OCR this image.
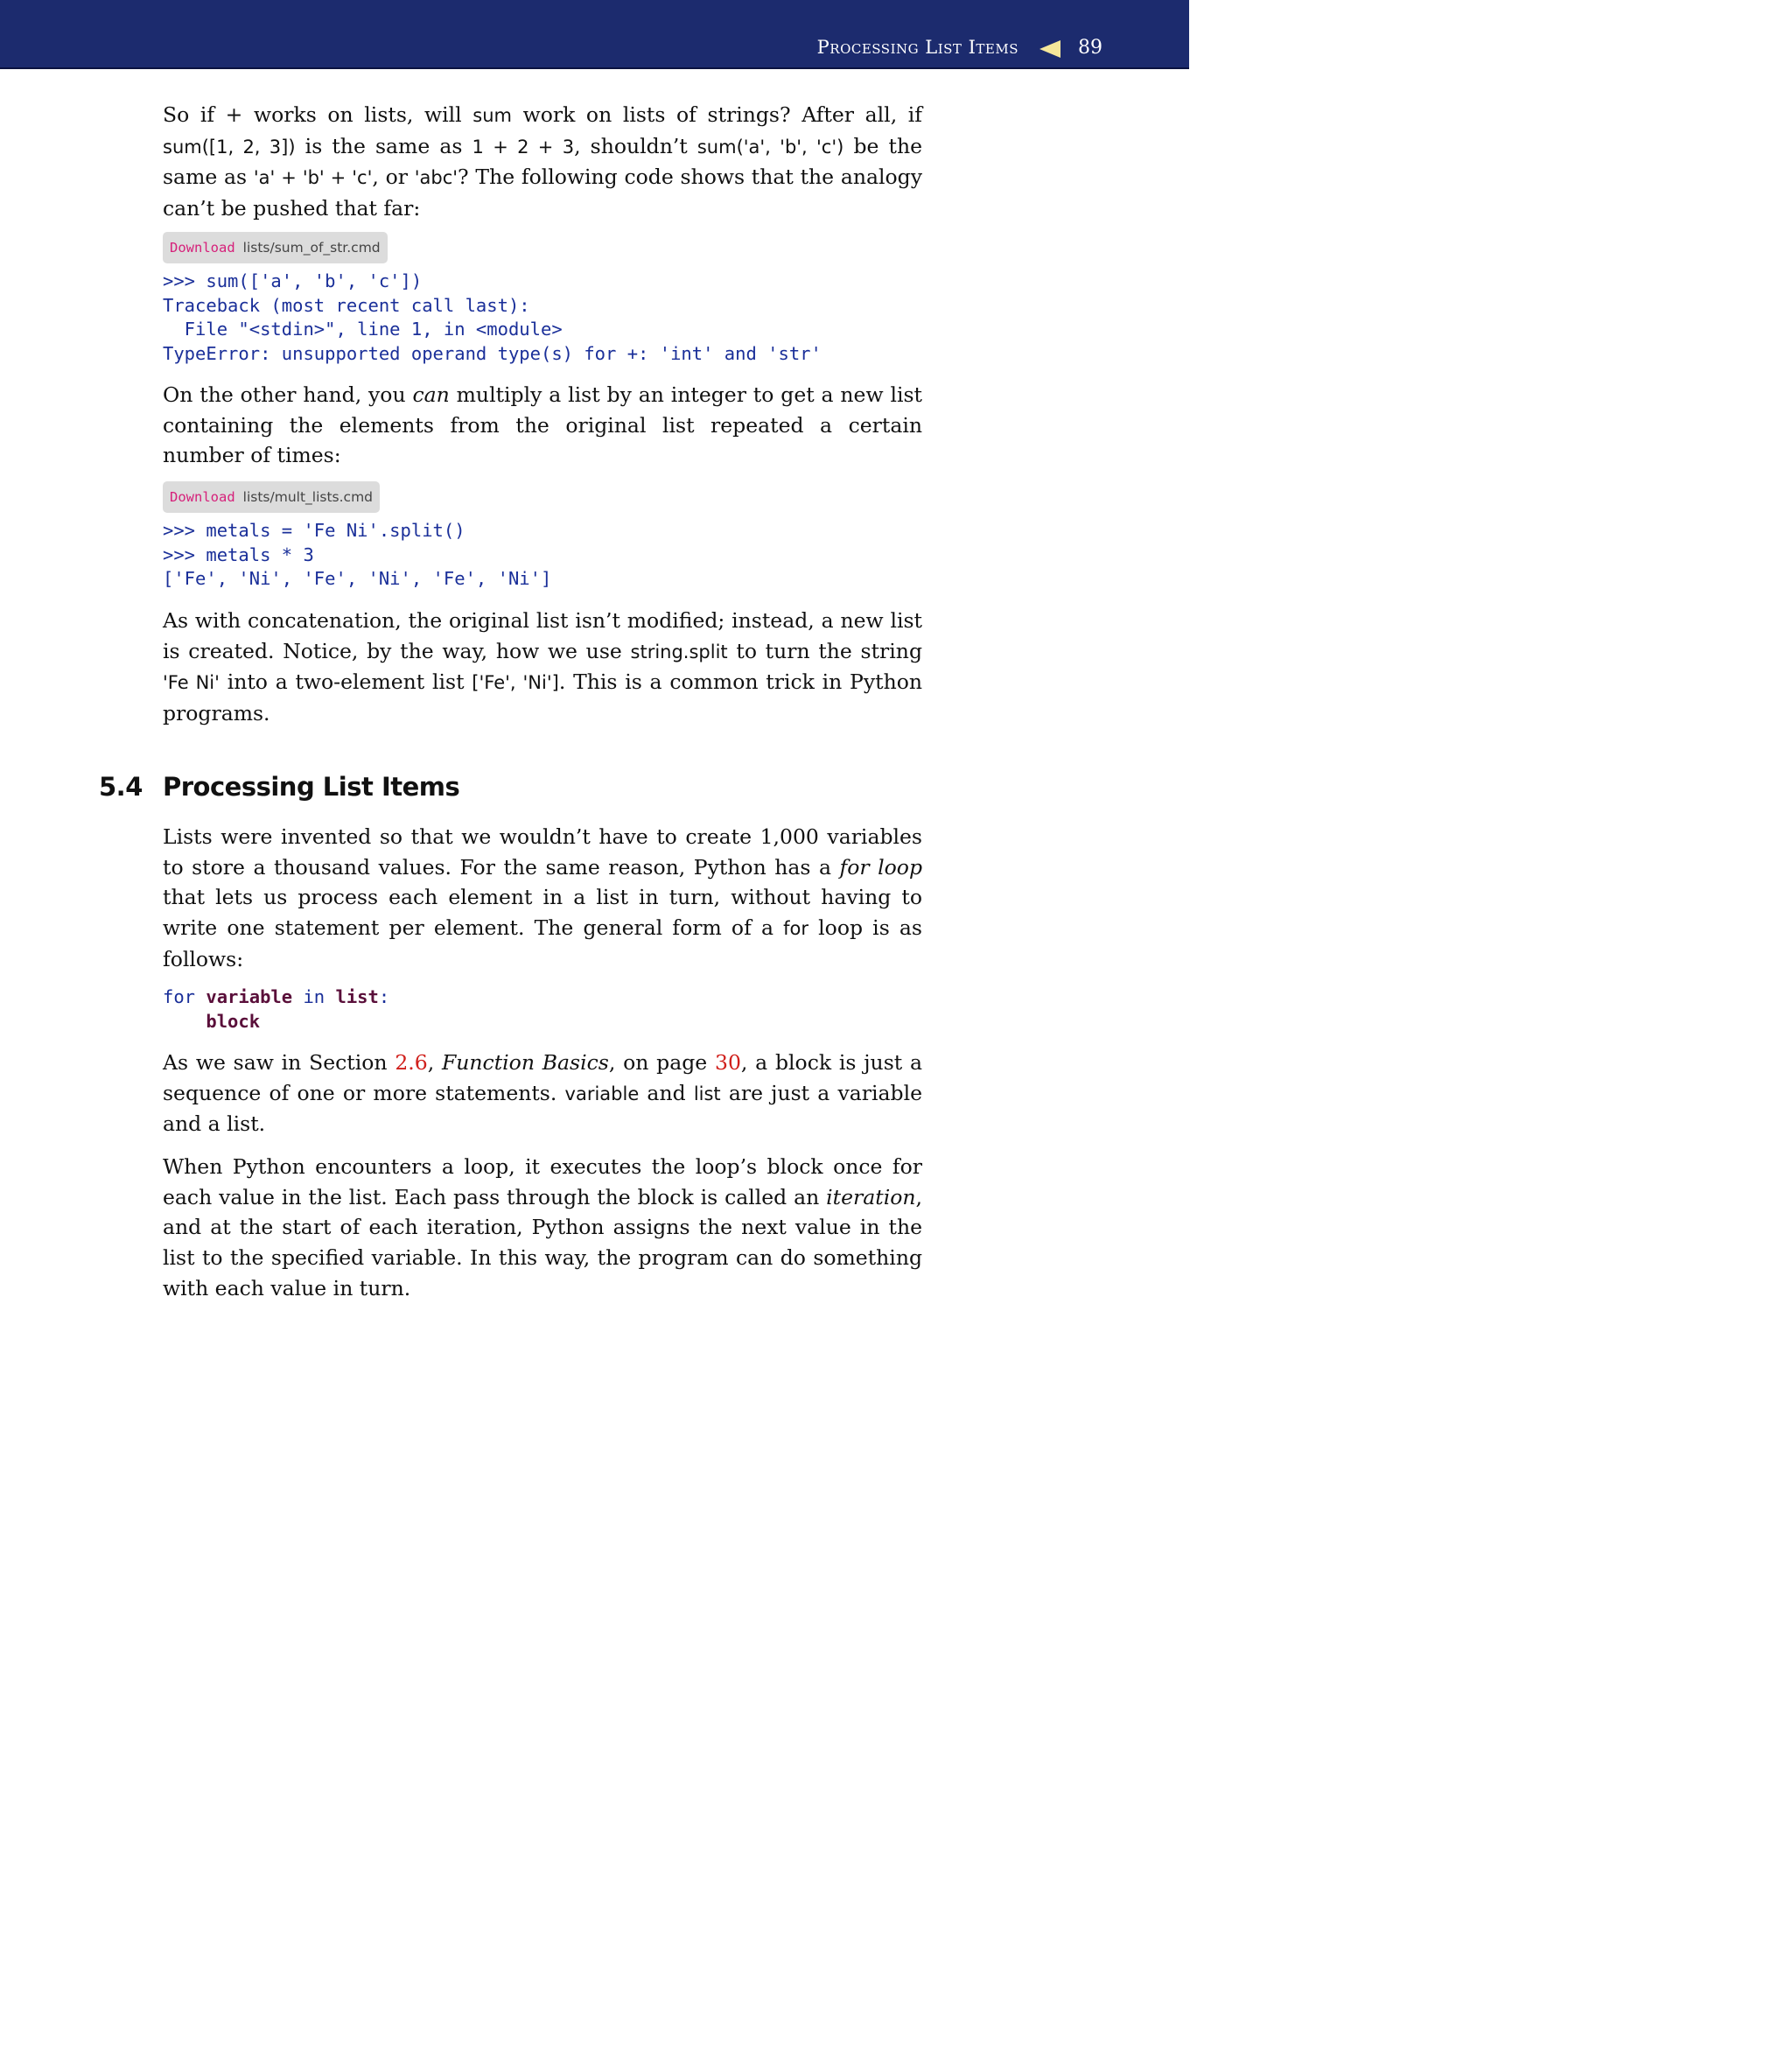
Processing List Items	89

So if + works on lists, will sum work on lists of strings? After all, if sum([1, 2, 3]) is the same as 1 + 2 + 3, shouldn’t sum('a', 'b', 'c') be the same as 'a' + 'b' + 'c', or 'abc'? The following code shows that the analogy can’t be pushed that far:

Download lists/sum_of_str.cmd
>>> sum(['a', 'b', 'c'])
Traceback (most recent call last):
File "<stdin>", line 1, in <module>
TypeError: unsupported operand type(s) for +: 'int' and 'str'

On the other hand, you can multiply a list by an integer to get a new list containing the elements from the original list repeated a certain number of times:

Download lists/mult_lists.cmd
>>> metals = 'Fe Ni'.split()
>>> metals * 3
['Fe', 'Ni', 'Fe', 'Ni', 'Fe', 'Ni']

As with concatenation, the original list isn’t modified; instead, a new list is created. Notice, by the way, how we use string.split to turn the string 'Fe Ni' into a two-element list ['Fe', 'Ni']. This is a common trick in Python programs.

5.4 Processing List Items

Lists were invented so that we wouldn’t have to create 1,000 variables to store a thousand values. For the same reason, Python has a for loop that lets us process each element in a list in turn, without having to write one statement per element. The general form of a for loop is as follows:

for variable in list:
block

As we saw in Section 2.6, Function Basics, on page 30, a block is just a sequence of one or more statements. variable and list are just a variable and a list.

When Python encounters a loop, it executes the loop’s block once for each value in the list. Each pass through the block is called an iteration, and at the start of each iteration, Python assigns the next value in the list to the specified variable. In this way, the program can do something with each value in turn.
